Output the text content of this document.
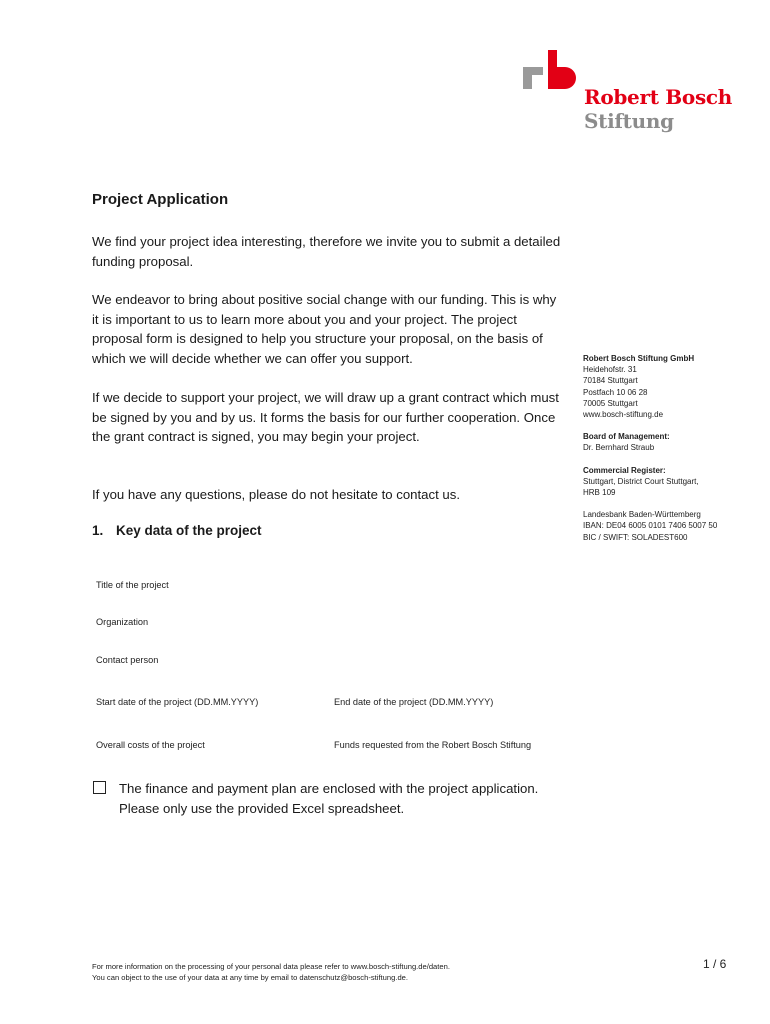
Robert Bosch
Stiftung
Project Application

We find your project idea interesting, therefore we invite you to submit a detailed funding proposal.

We endeavor to bring about positive social change with our funding. This is why it is important to us to learn more about you and your project. The project proposal form is designed to help you structure your proposal, on the basis of which we will decide whether we can offer you support.

If we decide to support your project, we will draw up a grant contract which must be signed by you and by us. It forms the basis for our further cooperation. Once the grant contract is signed, you may begin your project.

If you have any questions, please do not hesitate to contact us.

1. Key data of the project
Title of the project
Organization
Contact person
Start date of the project (DD.MM.YYYY)	End date of the project (DD.MM.YYYY)
Overall costs of the project	Funds requested from the Robert Bosch Stiftung
The finance and payment plan are enclosed with the project application. Please only use the provided Excel spreadsheet.
Robert Bosch Stiftung GmbH
Heidehofstr. 31
70184 Stuttgart
Postfach 10 06 28
70005 Stuttgart
www.bosch-stiftung.de
Board of Management:
Dr. Bernhard Straub
Commercial Register:
Stuttgart, District Court Stuttgart,
HRB 109
Landesbank Baden-Württemberg
IBAN: DE04 6005 0101 7406 5007 50
BIC / SWIFT: SOLADEST600
For more information on the processing of your personal data please refer to www.bosch-stiftung.de/daten.
You can object to the use of your data at any time by email to datenschutz@bosch-stiftung.de.
1 / 6
